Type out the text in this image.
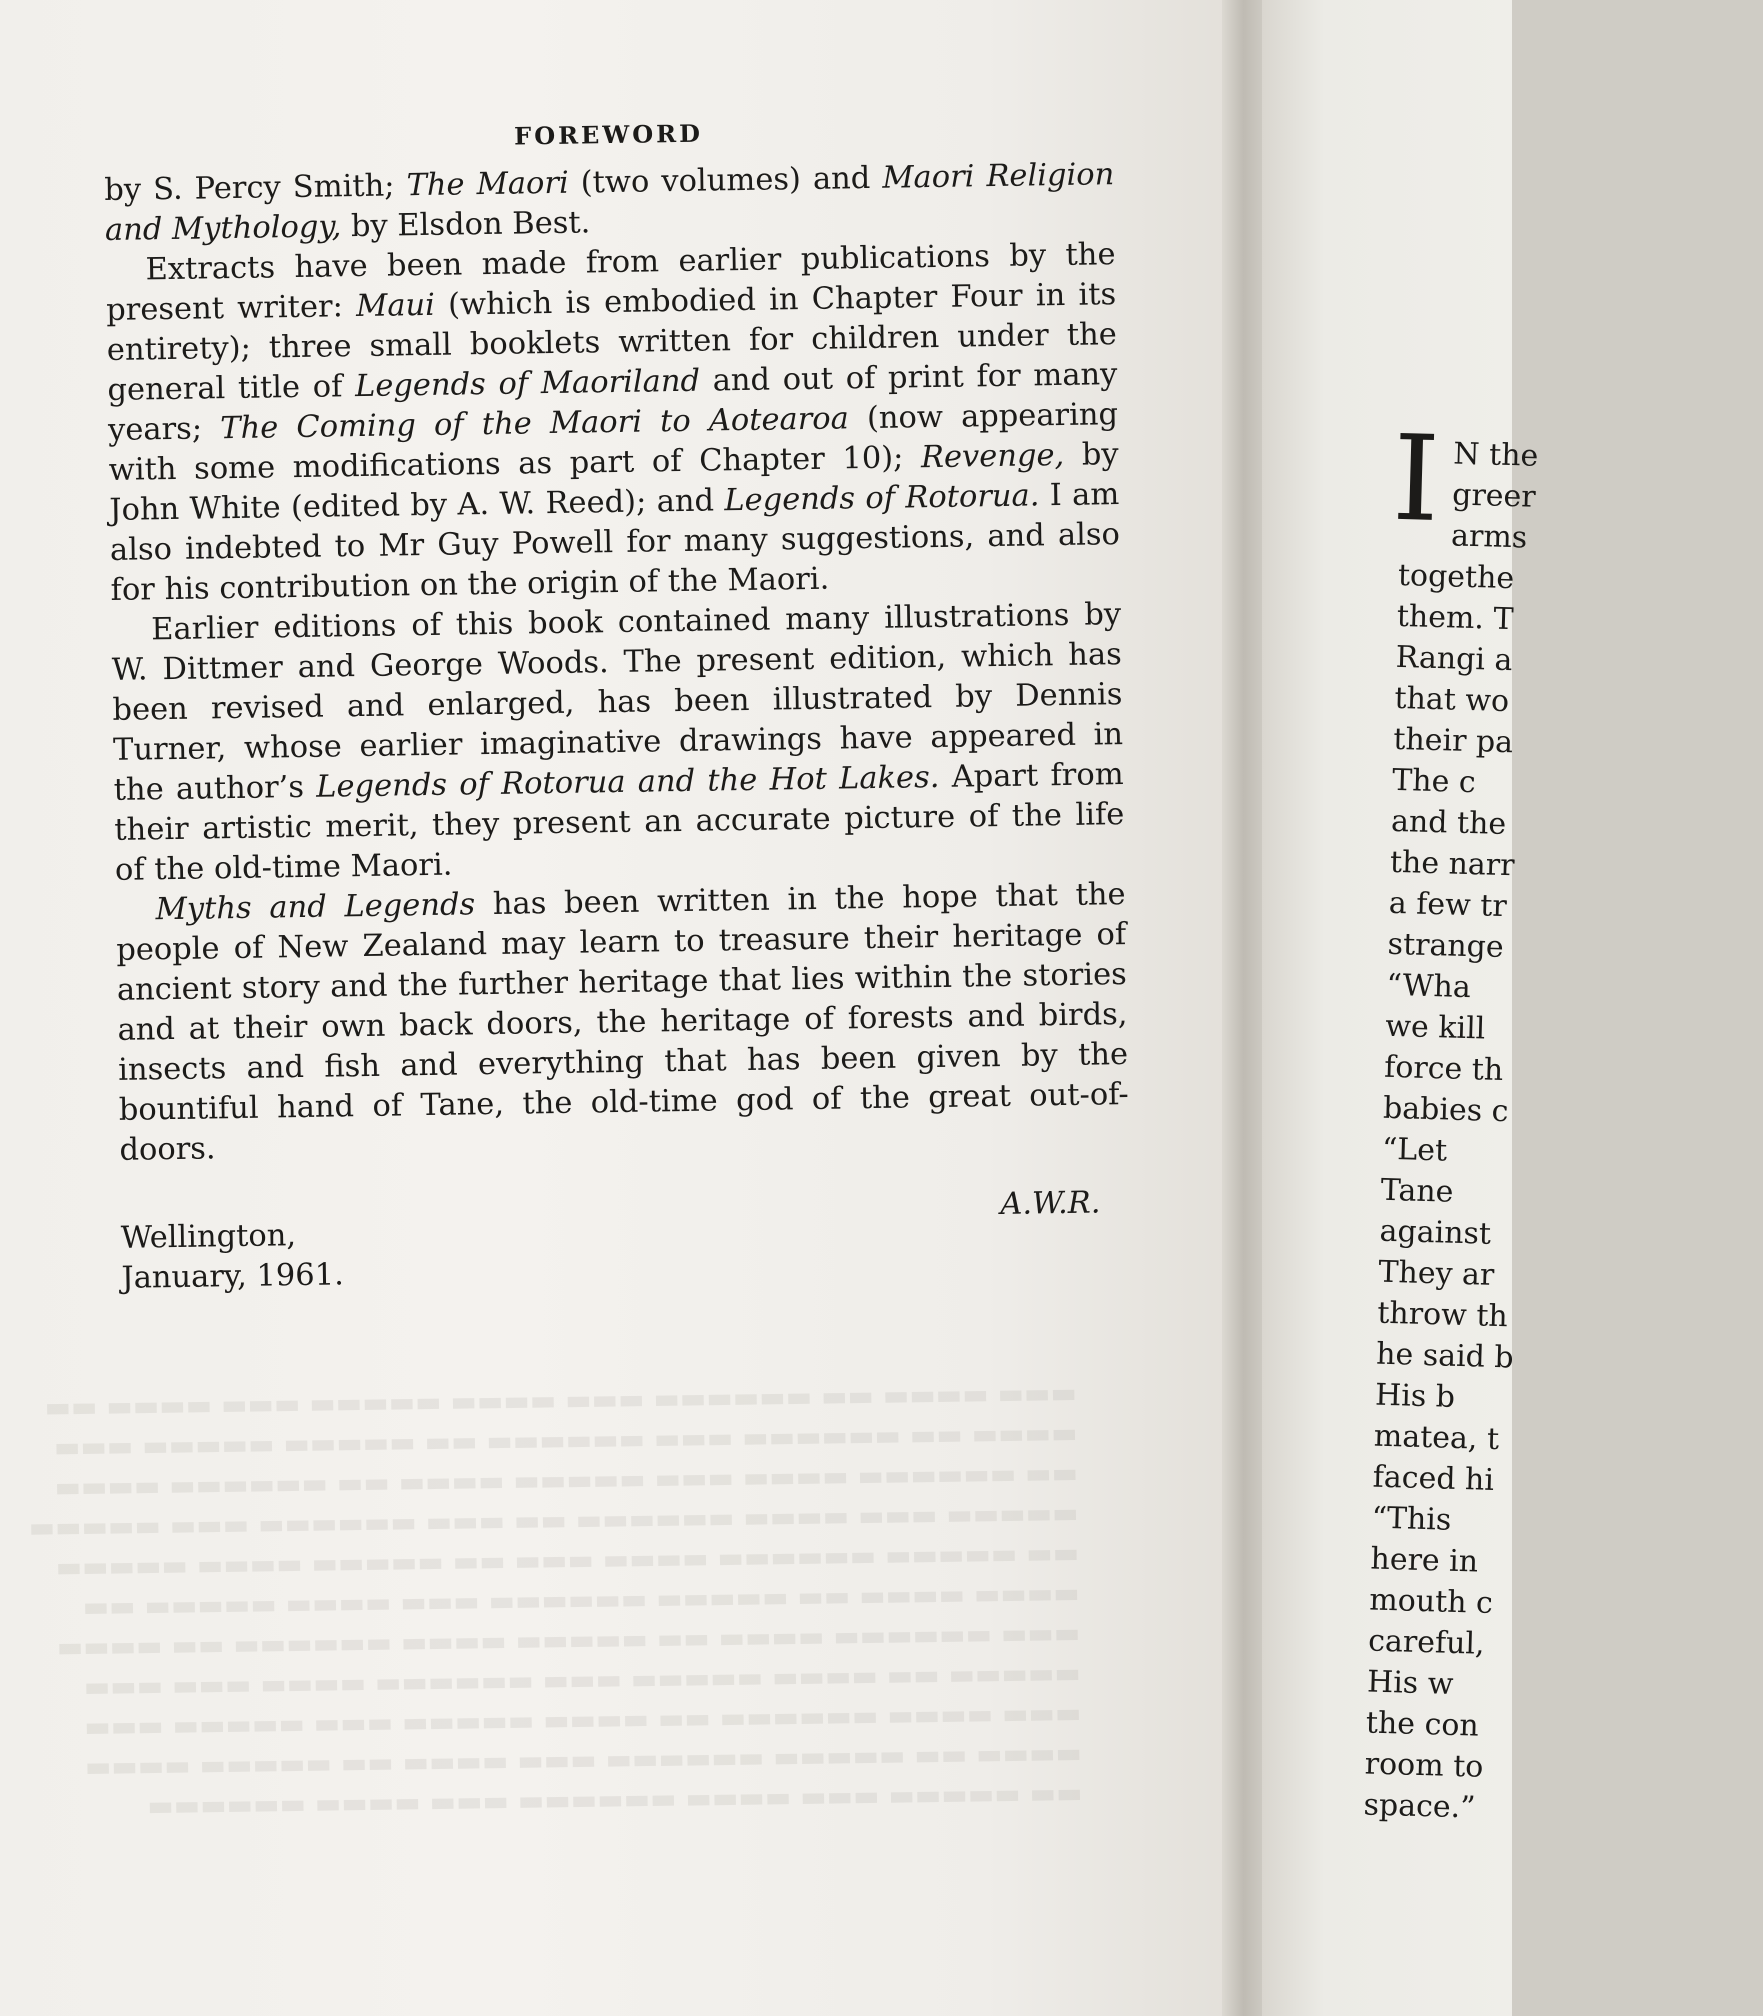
FOREWORD

by S. Percy Smith; The Maori (two volumes) and Maori Religion and Mythology, by Elsdon Best.

Extracts have been made from earlier publications by the present writer: Maui (which is embodied in Chapter Four in its entirety); three small booklets written for children under the general title of Legends of Maoriland and out of print for many years; The Coming of the Maori to Aotearoa (now appearing with some modifications as part of Chapter 10); Revenge, by John White (edited by A. W. Reed); and Legends of Rotorua. I am also indebted to Mr Guy Powell for many suggestions, and also for his contribution on the origin of the Maori.

Earlier editions of this book contained many illustrations by W. Dittmer and George Woods. The present edition, which has been revised and enlarged, has been illustrated by Dennis Turner, whose earlier imaginative drawings have appeared in the author’s Legends of Rotorua and the Hot Lakes. Apart from their artistic merit, they present an accurate picture of the life of the old-time Maori.

Myths and Legends has been written in the hope that the people of New Zealand may learn to treasure their heritage of ancient story and the further heritage that lies within the stories and at their own back doors, the heritage of forests and birds, insects and fish and everything that has been given by the bountiful hand of Tane, the old-time god of the great out-of-doors.

A.W.R.
Wellington,
January, 1961.
▬▬▬ ▬▬▬▬ ▬▬ ▬▬▬▬▬▬ ▬▬▬ ▬▬▬▬ ▬▬▬▬▬ ▬▬▬ ▬▬▬▬ ▬▬
▬▬▬▬ ▬▬ ▬▬▬▬▬▬ ▬▬▬ ▬▬▬▬▬▬ ▬▬ ▬▬▬▬▬ ▬▬▬▬▬ ▬▬▬
▬▬ ▬▬▬▬▬▬ ▬▬▬▬ ▬▬▬ ▬▬▬▬▬ ▬▬▬▬ ▬▬ ▬▬▬▬▬▬ ▬▬▬▬
▬▬▬▬▬ ▬▬▬ ▬▬▬▬ ▬▬▬▬▬▬ ▬▬ ▬▬▬ ▬▬▬▬▬▬ ▬▬▬ ▬▬▬▬▬
▬▬ ▬▬▬▬▬ ▬▬▬▬▬▬ ▬▬▬▬ ▬▬▬ ▬▬ ▬▬▬▬▬ ▬▬▬▬ ▬▬▬▬▬
▬▬▬▬ ▬▬▬▬ ▬▬ ▬▬▬▬▬ ▬▬▬▬▬▬ ▬▬▬ ▬▬▬▬ ▬▬▬▬▬ ▬▬
▬▬▬ ▬▬▬▬▬▬ ▬▬▬▬ ▬▬ ▬▬▬▬▬ ▬▬▬▬ ▬▬▬▬▬▬ ▬▬ ▬▬▬▬
▬▬▬▬▬ ▬▬ ▬▬▬▬ ▬▬▬▬▬ ▬▬▬ ▬▬▬▬▬▬ ▬▬▬▬ ▬▬▬ ▬▬▬
▬▬▬ ▬▬▬▬ ▬▬▬▬▬▬ ▬▬ ▬▬▬▬ ▬▬▬▬▬ ▬▬▬ ▬▬▬▬▬ ▬▬▬
▬▬▬▬ ▬▬ ▬▬▬▬▬ ▬▬▬▬▬▬ ▬▬▬ ▬▬▬▬ ▬▬ ▬▬▬▬▬ ▬▬▬▬
▬▬ ▬▬▬▬▬ ▬▬▬ ▬▬▬▬ ▬▬▬▬▬▬ ▬▬▬ ▬▬▬▬ ▬▬▬▬▬▬
I N the
greer
arms
togethe
them. T
Rangi a
that wo
their pa
The c
and the
the narr
a few tr
strange
“Wha
we kill
force th
babies c
“Let
Tane
against
They ar
throw th
he said b
His b
matea, t
faced hi
“This
here in
mouth c
careful,
His w
the con
room to
space.”
